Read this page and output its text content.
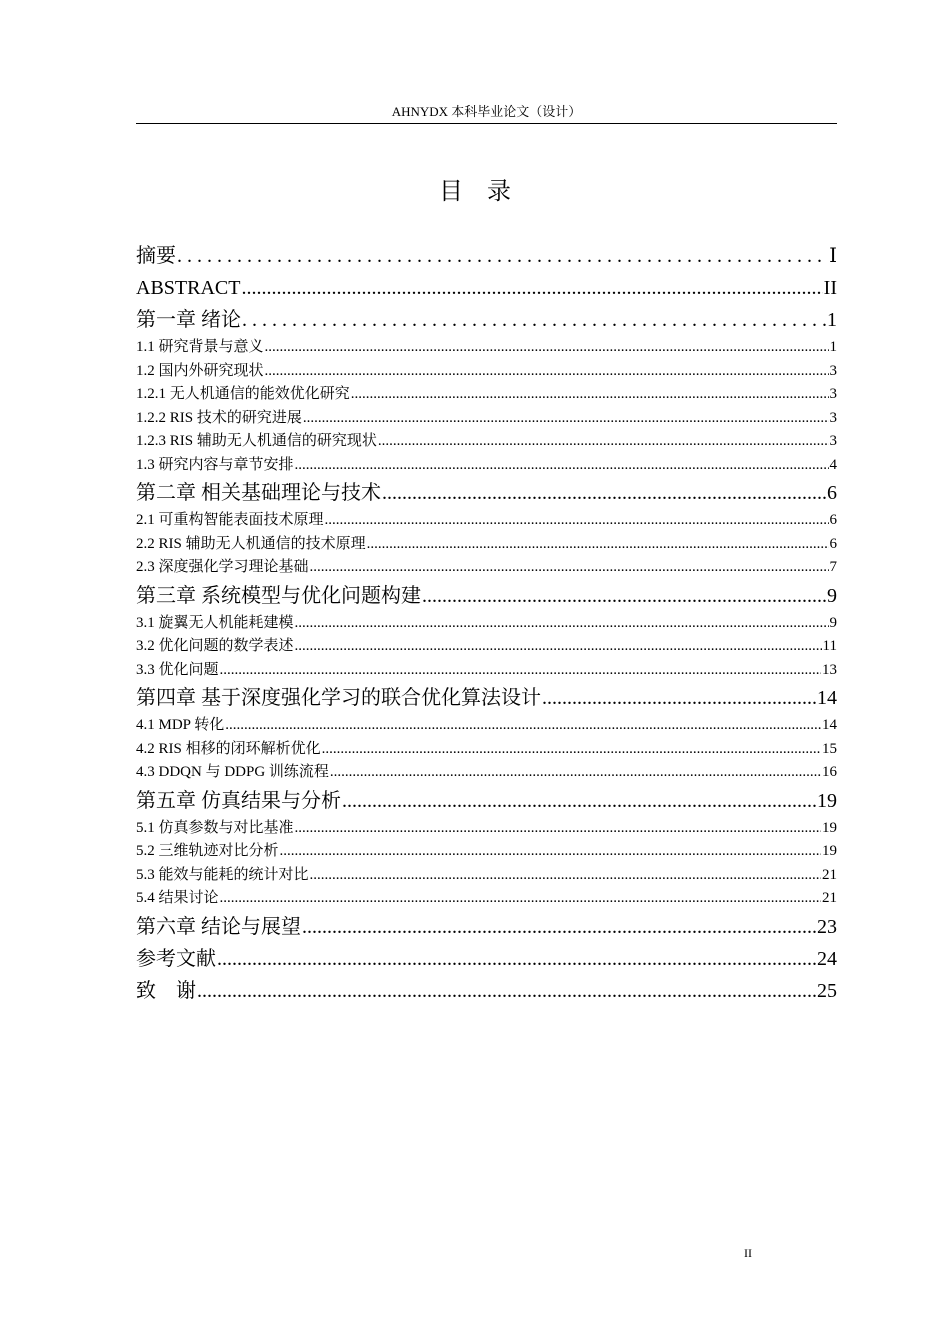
AHNYDX 本科毕业论文（设计）
目　录
摘要 .....	Ⅰ
ABSTRACT .....	II
第一章 绪论 .....	1
1.1 研究背景与意义 .....	1
1.2 国内外研究现状 .....	3
1.2.1 无人机通信的能效优化研究 .....	3
1.2.2 RIS 技术的研究进展 .....	3
1.2.3 RIS 辅助无人机通信的研究现状 .....	3
1.3 研究内容与章节安排 .....	4
第二章 相关基础理论与技术 .....	6
2.1 可重构智能表面技术原理 .....	6
2.2 RIS 辅助无人机通信的技术原理 .....	6
2.3 深度强化学习理论基础 .....	7
第三章 系统模型与优化问题构建 .....	9
3.1 旋翼无人机能耗建模 .....	9
3.2 优化问题的数学表述 .....	11
3.3 优化问题 .....	13
第四章 基于深度强化学习的联合优化算法设计 .....	14
4.1 MDP 转化 .....	14
4.2 RIS 相移的闭环解析优化 .....	15
4.3 DDQN 与 DDPG 训练流程 .....	16
第五章 仿真结果与分析 .....	19
5.1 仿真参数与对比基准 .....	19
5.2 三维轨迹对比分析 .....	19
5.3 能效与能耗的统计对比 .....	21
5.4 结果讨论 .....	21
第六章 结论与展望 .....	23
参考文献 .....	24
致　谢 .....	25
II
